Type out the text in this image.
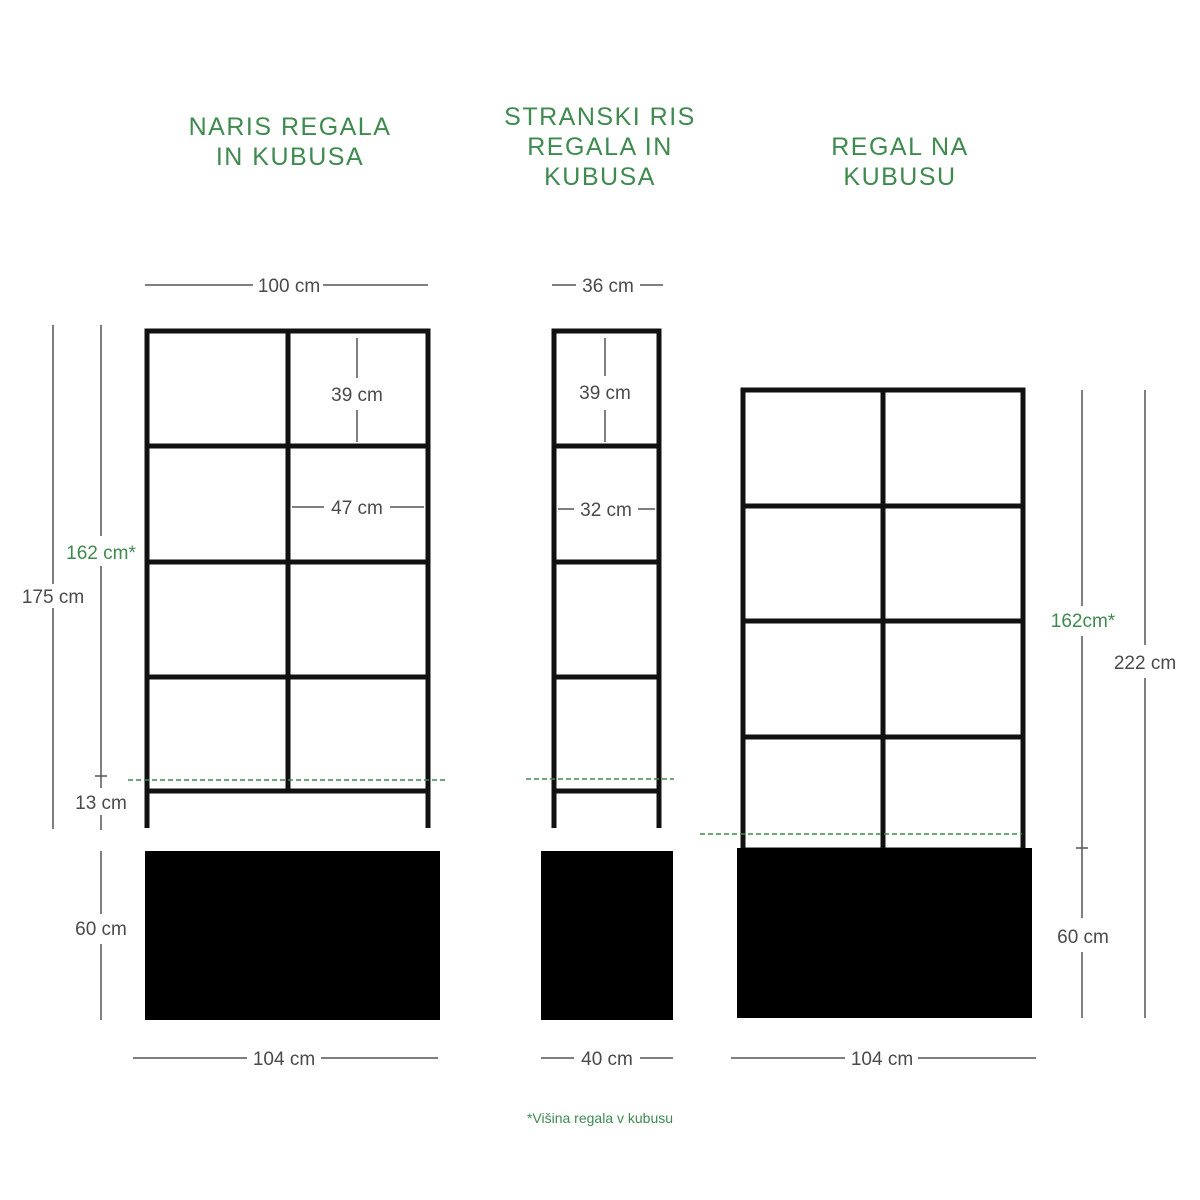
NARIS REGALA
IN KUBUSA
STRANSKI RIS
REGALA IN
KUBUSA
REGAL NA
KUBUSU
100 cm
39 cm
47 cm
175 cm
162 cm*
13 cm
60 cm
104 cm
36 cm
39 cm
32 cm
40 cm
162cm*
222 cm
60 cm
104 cm
*Višina regala v kubusu
